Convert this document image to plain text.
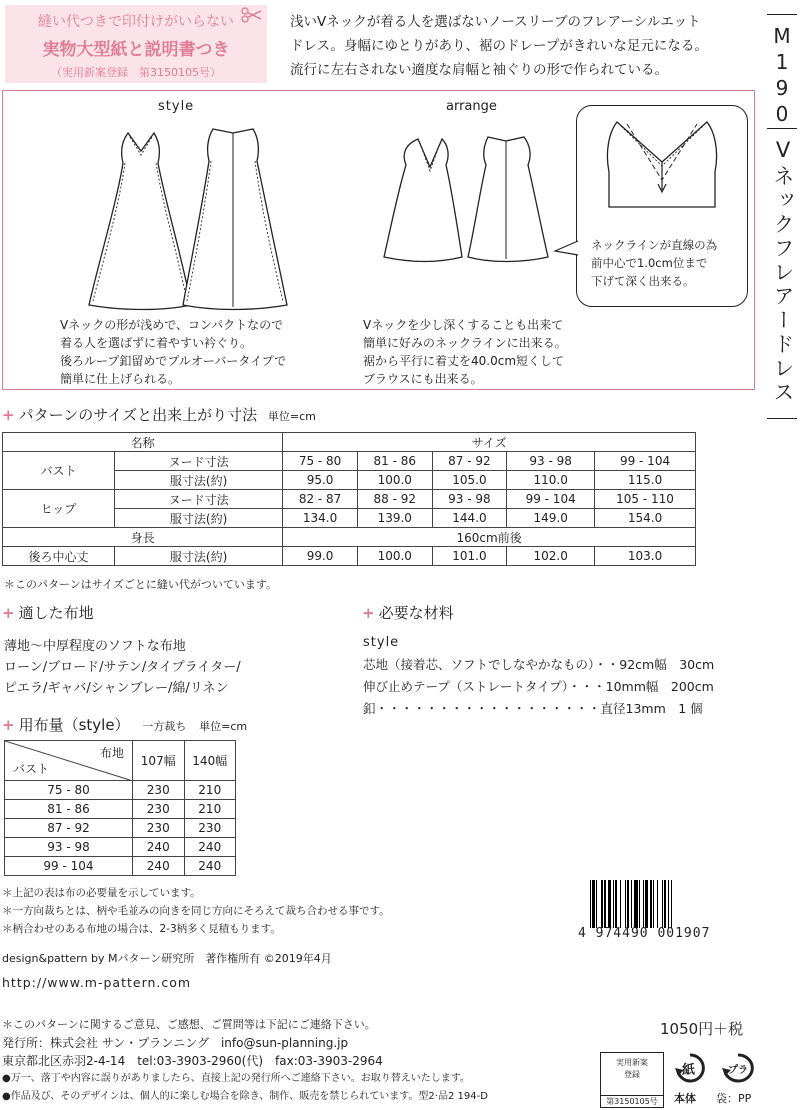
縫い代つきで印付けがいらない
実物大型紙と説明書つき
（実用新案登録　第3150105号）
浅いVネックが着る人を選ばないノースリーブのフレアーシルエット
ドレス。身幅にゆとりがあり、裾のドレープがきれいな足元になる。
流行に左右されない適度な肩幅と袖ぐりの形で作られている。	M190
Vネックフレアードレス
style	arrange
ネックラインが直線の為
前中心で1.0cm位まで
下げて深く出来る。
Vネックの形が浅めで、コンパクトなので
着る人を選ばずに着やすい衿ぐり。
後ろループ釦留めでプルオーバータイプで
簡単に仕上げられる。
Vネックを少し深くすることも出来て
簡単に好みのネックラインに出来る。
裾から平行に着丈を40.0cm短くして
ブラウスにも出来る。
+ パターンのサイズと出来上がり寸法 単位=cm
名称		サイズ				
バスト	ヌード寸法	75 - 80	81 - 86	87 - 92	93 - 98	99 - 104
	服寸法(約)	95.0	100.0	105.0	110.0	115.0
ヒップ	ヌード寸法	82 - 87	88 - 92	93 - 98	99 - 104	105 - 110
	服寸法(約)	134.0	139.0	144.0	149.0	154.0
身長		160cm前後				
後ろ中心丈	服寸法(約)	99.0	100.0	101.0	102.0	103.0
＊このパターンはサイズごとに縫い代がついています。
+ 適した布地
薄地〜中厚程度のソフトな布地
ローン/ブロード/サテン/タイプライター/
ピエラ/ギャバ/シャンブレー/綿/リネン
+ 必要な材料
style
芯地（接着芯、ソフトでしなやかなもの）・・92cm幅　30cm
伸び止めテープ（ストレートタイプ）・・・10mm幅　200cm
釦・・・・・・・・・・・・・・・・・・直径13mm　1 個
+ 用布量（style） 一方裁ち 単位=cm
布地
バスト	107幅	140幅
75 - 80	230	210
81 - 86	230	210
87 - 92	230	230
93 - 98	240	240
99 - 104	240	240
＊上記の表は布の必要量を示しています。
＊一方向裁ちとは、柄や毛並みの向きを同じ方向にそろえて裁ち合わせる事です。
＊柄合わせのある布地の場合は、2-3柄多く見積もります。
design&pattern by Mパターン研究所　著作権所有 ©2019年4月
http://www.m-pattern.com
4 974490 001907
1050円＋税
＊このパターンに関するご意見、ご感想、ご質問等は下記にご連絡下さい。
発行所：株式会社 サン・プランニング　info@sun-planning.jp
東京都北区赤羽2-4-14　tel:03-3903-2960(代)　fax:03-3903-2964
●万一、落丁や内容に誤りがありましたら、直接上記の発行所へご連絡下さい。お取り替えいたします。
●作品及び、そのデザインは、個人的に楽しむ場合を除き、制作、販売を禁じられています。型2·品2 194-D
実用新案
登録
第3150105号
紙
本体
プラ
袋：PP
